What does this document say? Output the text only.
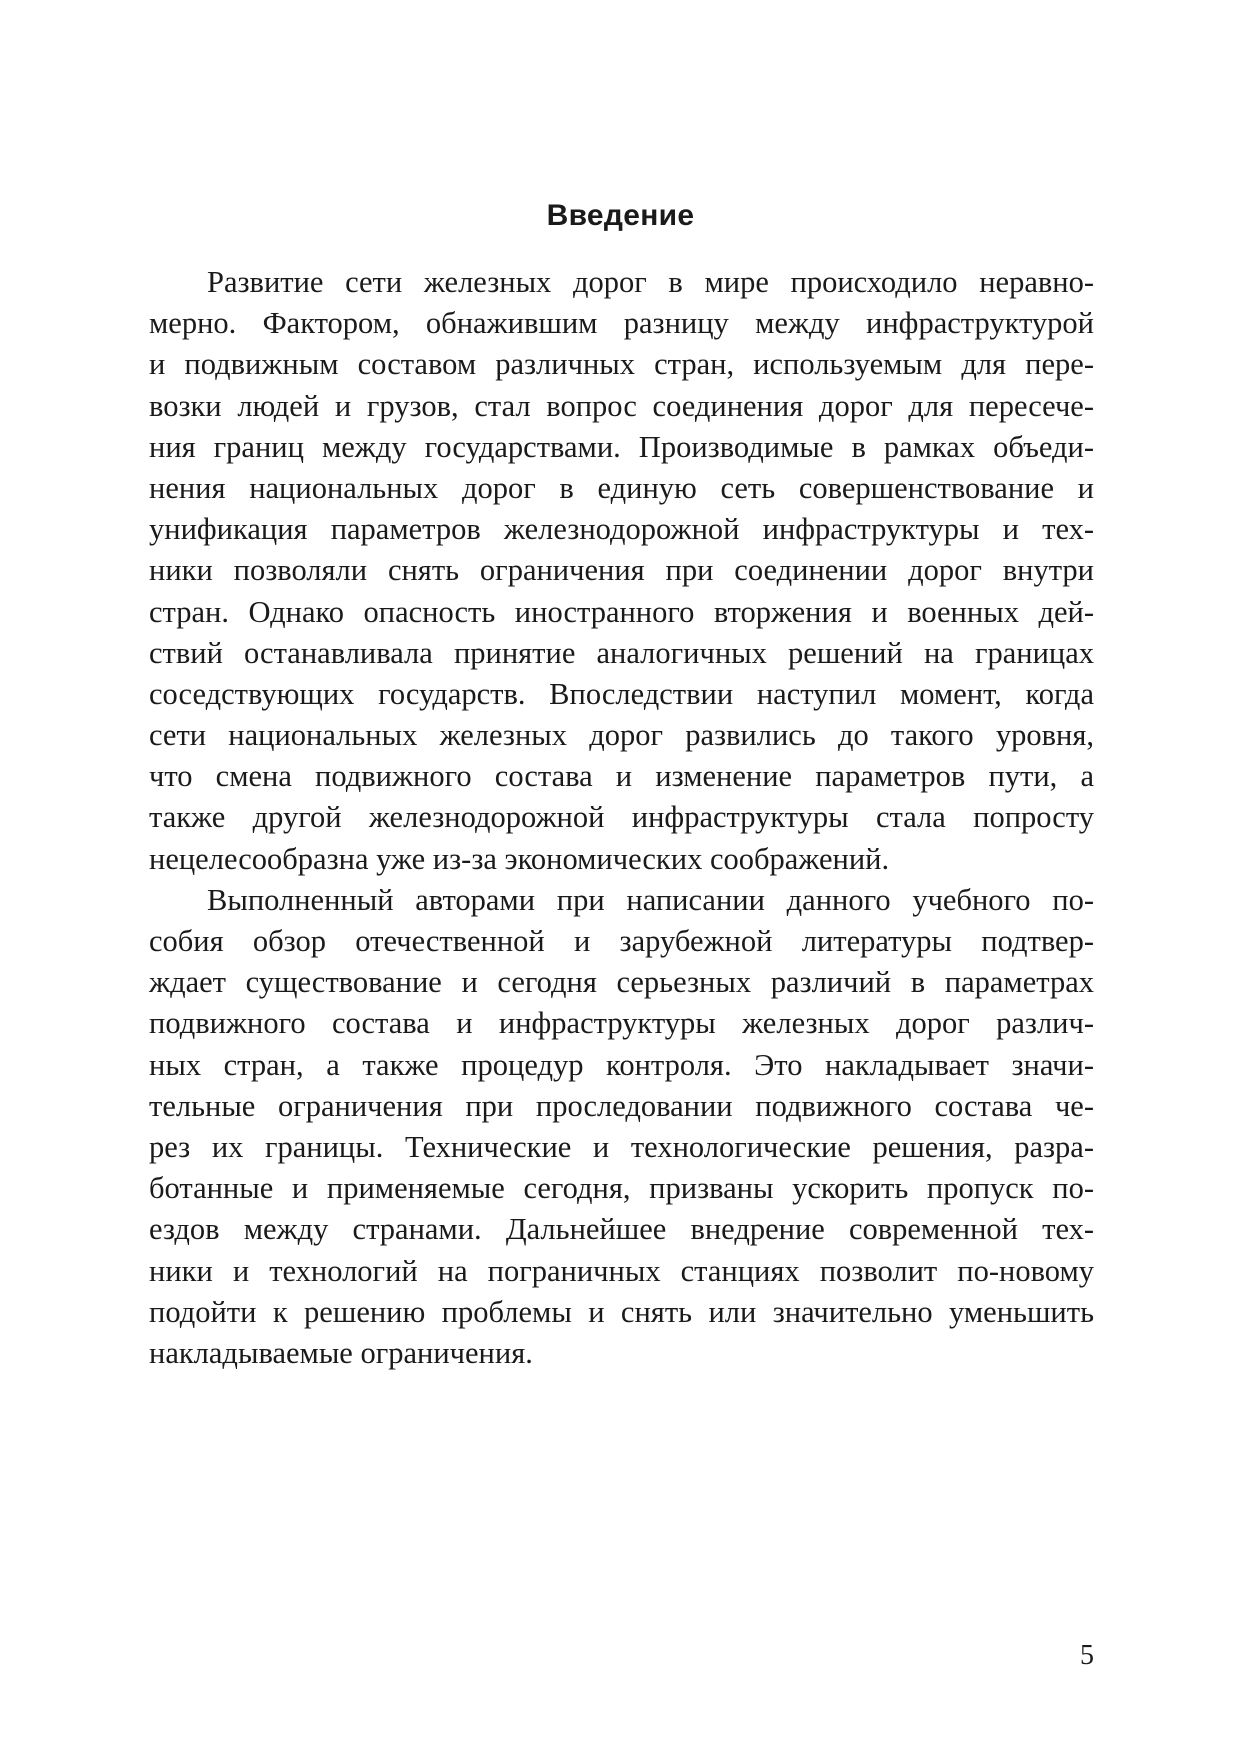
Введение

Развитие сети железных дорог в мире происходило неравно-
мерно. Фактором, обнажившим разницу между инфраструктурой
и подвижным составом различных стран, используемым для пере-
возки людей и грузов, стал вопрос соединения дорог для пересече-
ния границ между государствами. Производимые в рамках объеди-
нения национальных дорог в единую сеть совершенствование и
унификация параметров железнодорожной инфраструктуры и тех-
ники позволяли снять ограничения при соединении дорог внутри
стран. Однако опасность иностранного вторжения и военных дей-
ствий останавливала принятие аналогичных решений на границах
соседствующих государств. Впоследствии наступил момент, когда
сети национальных железных дорог развились до такого уровня,
что смена подвижного состава и изменение параметров пути, а
также другой железнодорожной инфраструктуры стала попросту
нецелесообразна уже из-за экономических соображений.

Выполненный авторами при написании данного учебного по-
собия обзор отечественной и зарубежной литературы подтвер-
ждает существование и сегодня серьезных различий в параметрах
подвижного состава и инфраструктуры железных дорог различ-
ных стран, а также процедур контроля. Это накладывает значи-
тельные ограничения при проследовании подвижного состава че-
рез их границы. Технические и технологические решения, разра-
ботанные и применяемые сегодня, призваны ускорить пропуск по-
ездов между странами. Дальнейшее внедрение современной тех-
ники и технологий на пограничных станциях позволит по-новому
подойти к решению проблемы и снять или значительно уменьшить
накладываемые ограничения.

5
